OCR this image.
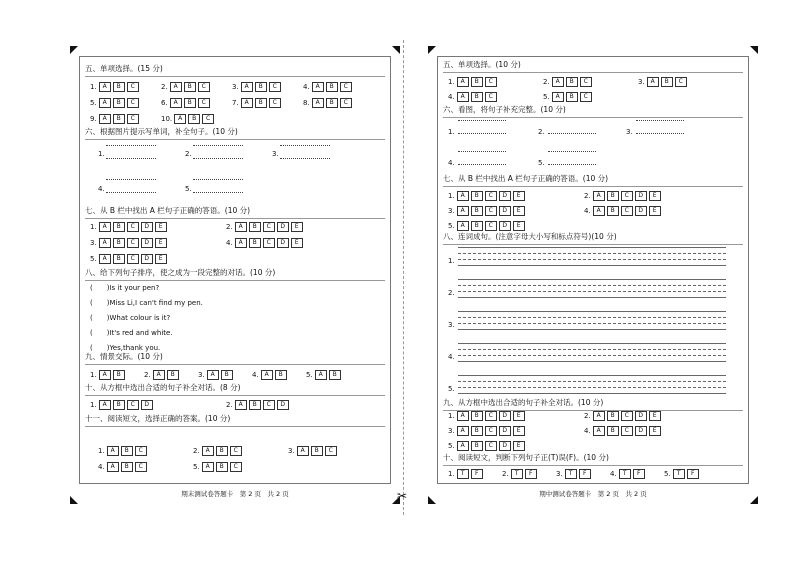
✂
五、单项选择。(15 分)
1. A B C	2. A B C	3. A B C	4. A B C
5. A B C	6. A B C	7. A B C	8. A B C
9. A B C	10. A B C
六、根据图片提示写单词，补全句子。(10 分)
1.	2.	3.
4.	5.
七、从 B 栏中找出 A 栏句子正确的答语。(10 分)
1. A B C D E	2. A B C D E
3. A B C D E	4. A B C D E
5. A B C D E
八、给下列句子排序，使之成为一段完整的对话。(10 分)
(　　)Is it your pen?
(　　)Miss Li,I can't find my pen.
(　　)What colour is it?
(　　)It's red and white.
(　　)Yes,thank you.
九、情景交际。(10 分)
1. A B	2. A B	3. A B	4. A B	5. A B
十、从方框中选出合适的句子补全对话。(8 分)
1. A B C D	2. A B C D
十一、阅读短文，选择正确的答案。(10 分)
1. A B C	2. A B C	3. A B C
4. A B C	5. A B C
期末测试卷答题卡　第 2 页　共 2 页
五、单项选择。(10 分)
1. A B C	2. A B C	3. A B C
4. A B C	5. A B C
六、看图，将句子补充完整。(10 分)
1.	2.	3.
4.	5.
七、从 B 栏中找出 A 栏句子正确的答语。(10 分)
1. A B C D E	2. A B C D E
3. A B C D E	4. A B C D E
5. A B C D E
八、连词成句。(注意字母大小写和标点符号)(10 分)
九、从方框中选出合适的句子补全对话。(10 分)
1. A B C D E	2. A B C D E
3. A B C D E	4. A B C D E
5. A B C D E
十、阅读短文，判断下列句子正(T)误(F)。(10 分)
1. T F	2. T F	3. T F	4. T F	5. T F
1.
2.
3.
4.
5.
期中测试卷答题卡　第 2 页　共 2 页
